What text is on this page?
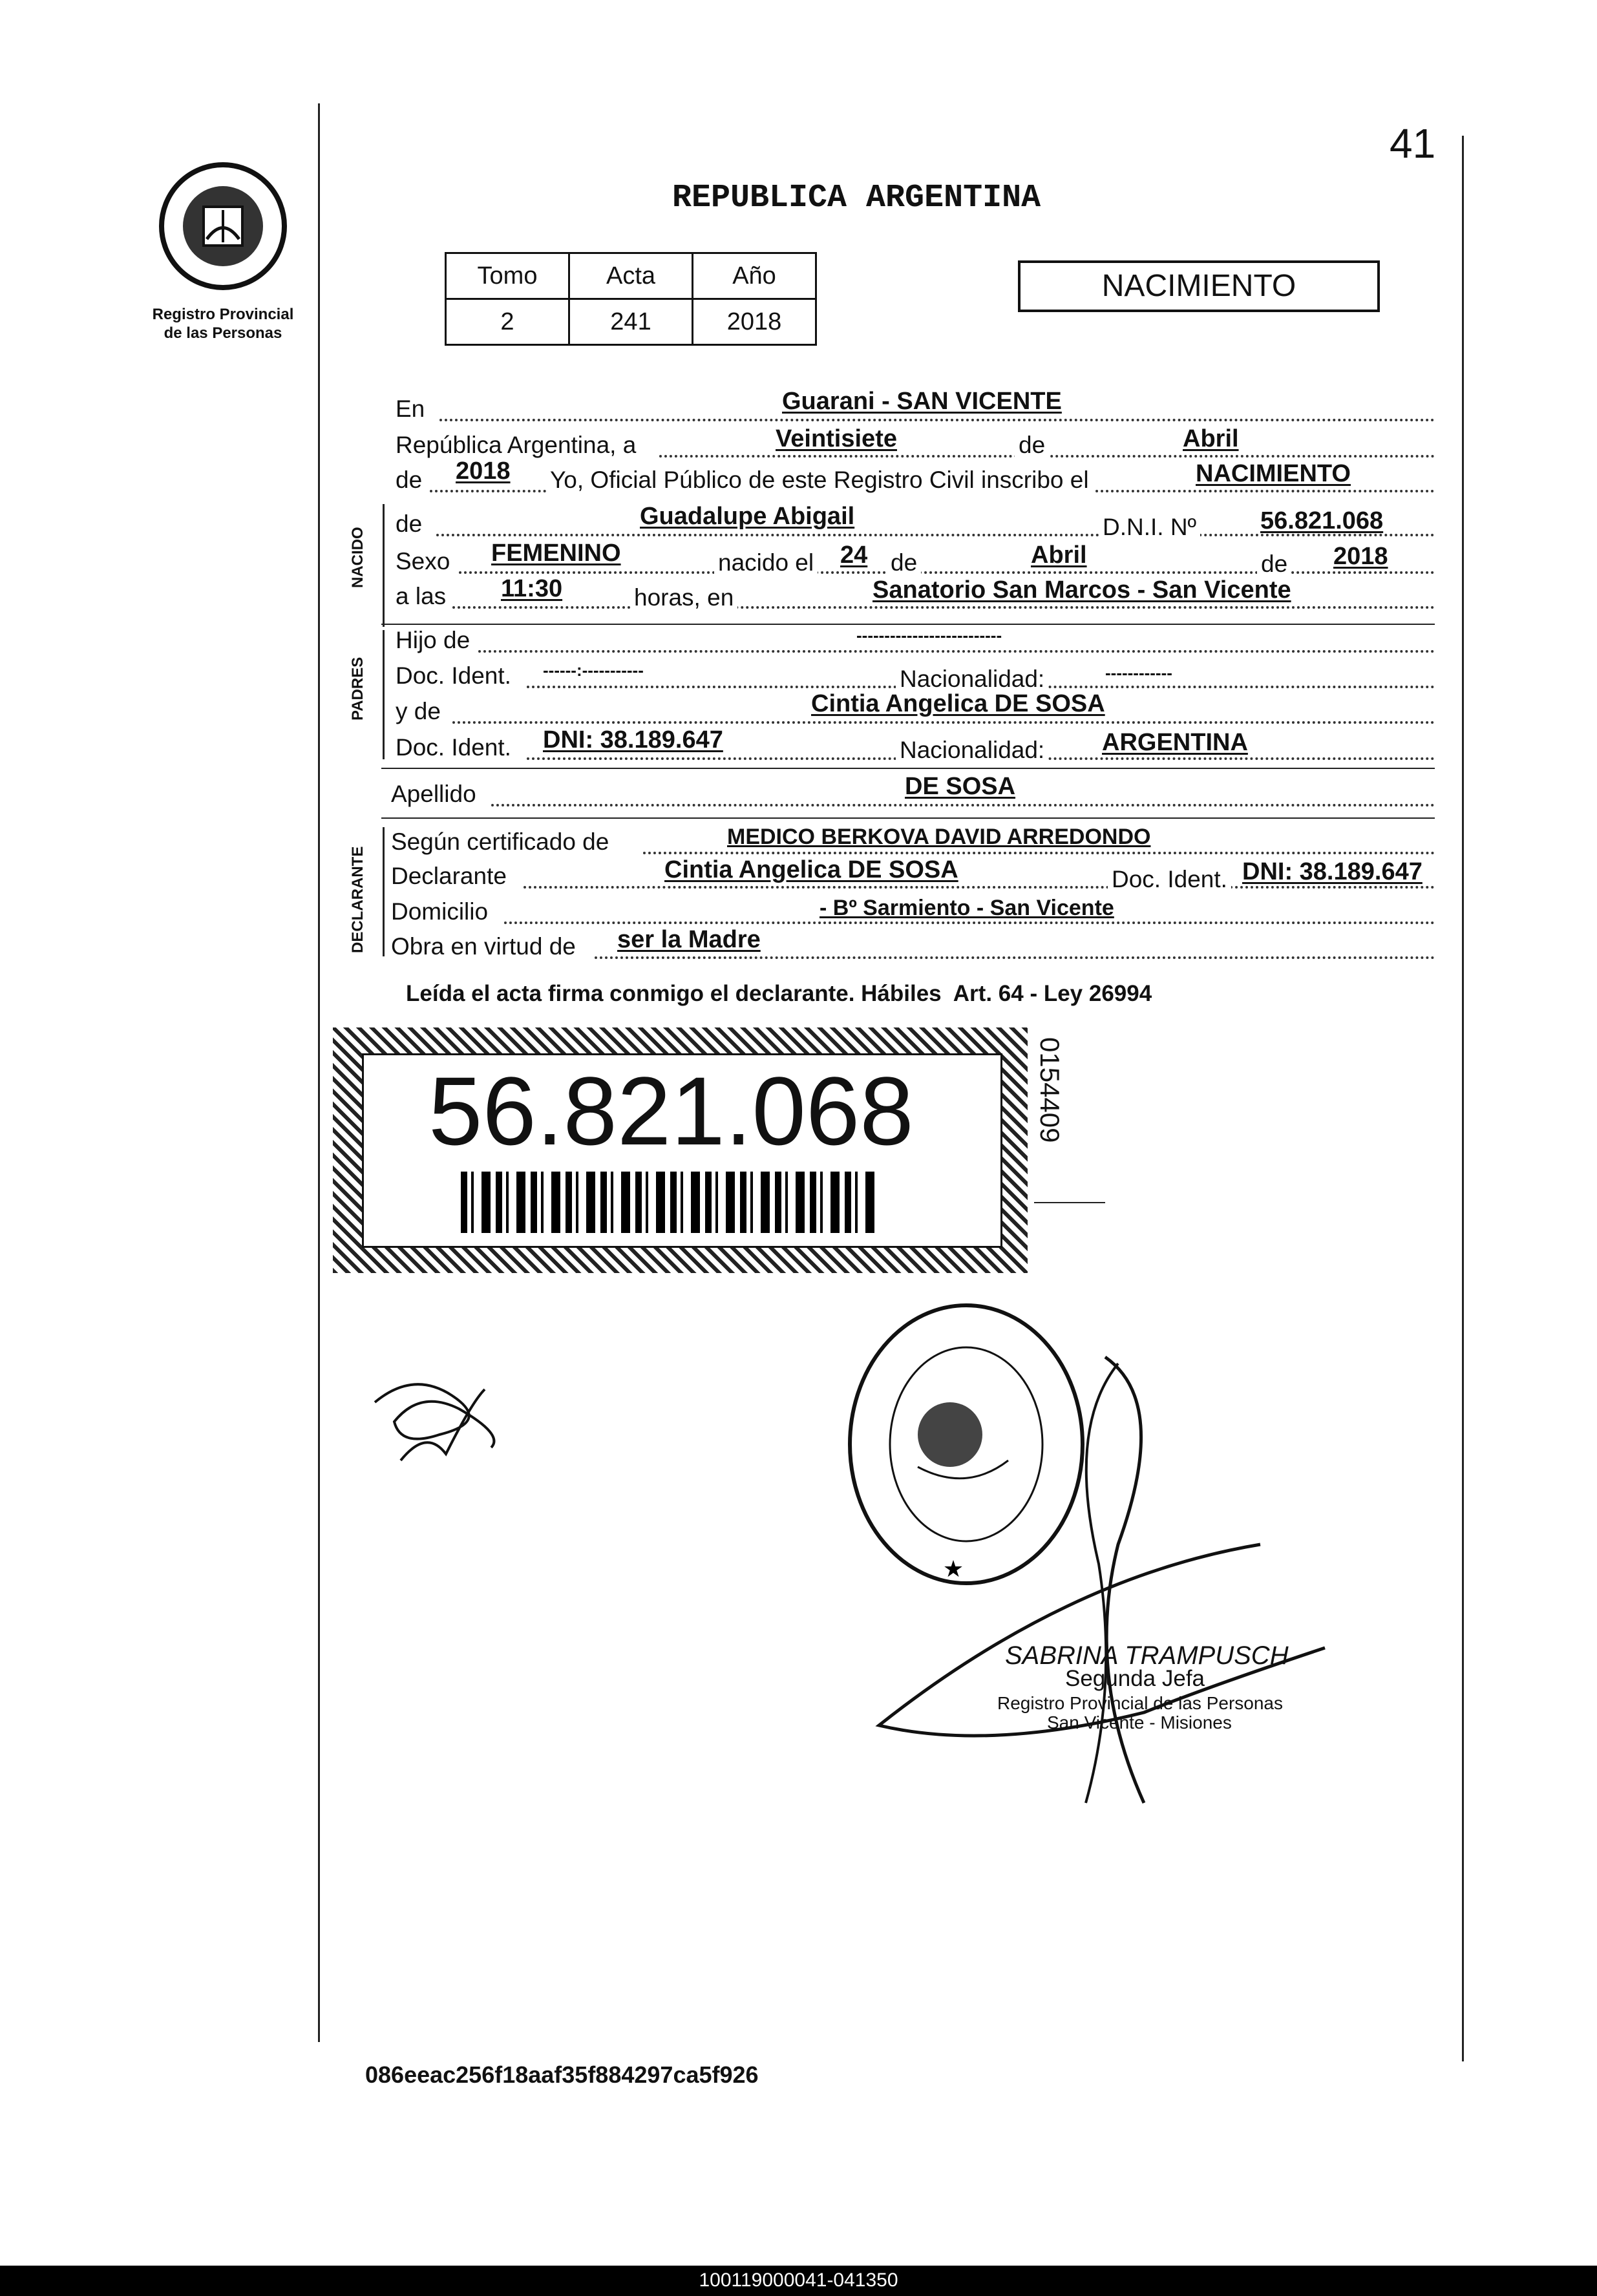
41
Registro Provincial
de las Personas
REPUBLICA ARGENTINA
Tomo	Acta	Año
2	241	2018
NACIMIENTO
NACIDO
PADRES
DECLARANTE
En	Guarani - SAN VICENTE
República Argentina, a	Veintisiete	de	Abril
de 2018 Yo, Oficial Público de este Registro Civil inscribo el	NACIMIENTO
de	Guadalupe Abigail	D.N.I. Nº	56.821.068
Sexo FEMENINO	nacido el 24 de	Abril	de 2018
a las 11:30	horas, en	Sanatorio San Marcos - San Vicente
Hijo de	--------------------------
Doc. Ident. ------:-----------	Nacionalidad:	------------
y de	Cintia Angelica DE SOSA
Doc. Ident. DNI: 38.189.647	Nacionalidad: ARGENTINA
Apellido	DE SOSA
Según certificado de	MEDICO BERKOVA DAVID ARREDONDO
Declarante	Cintia Angelica DE SOSA	Doc. Ident. DNI: 38.189.647
Domicilio	- Bº Sarmiento - San Vicente
Obra en virtud de ser la Madre
Leída el acta firma conmigo el declarante. Hábiles  Art. 64 - Ley 26994
56.821.068	0154409
★
SABRINA TRAMPUSCH
Segunda Jefa
Registro Provincial de las Personas
San Vicente - Misiones
086eeac256f18aaf35f884297ca5f926
100119000041-041350
